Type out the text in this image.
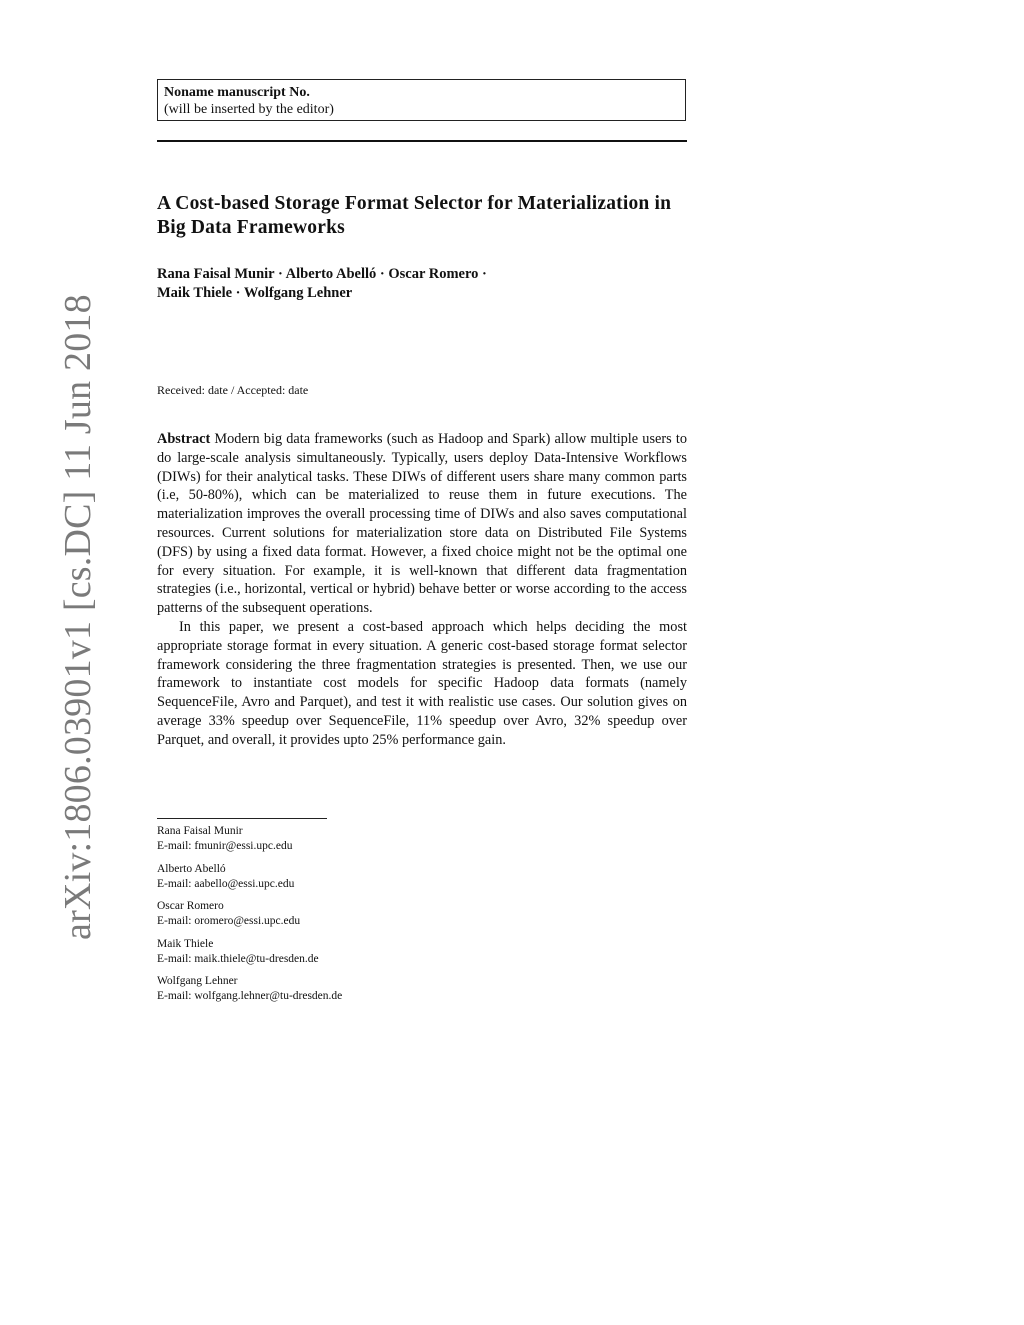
arXiv:1806.03901v1 [cs.DC] 11 Jun 2018
Noname manuscript No.
(will be inserted by the editor)
A Cost-based Storage Format Selector for Materialization in Big Data Frameworks
Rana Faisal Munir · Alberto Abelló · Oscar Romero · Maik Thiele · Wolfgang Lehner
Received: date / Accepted: date

Abstract Modern big data frameworks (such as Hadoop and Spark) allow multiple users to do large-scale analysis simultaneously. Typically, users deploy Data-Intensive Workflows (DIWs) for their analytical tasks. These DIWs of different users share many common parts (i.e, 50-80%), which can be materialized to reuse them in future executions. The materialization improves the overall processing time of DIWs and also saves computational resources. Current solutions for materialization store data on Distributed File Systems (DFS) by using a fixed data format. However, a fixed choice might not be the optimal one for every situation. For example, it is well-known that different data fragmentation strategies (i.e., horizontal, vertical or hybrid) behave better or worse according to the access patterns of the subsequent operations.

In this paper, we present a cost-based approach which helps deciding the most appropriate storage format in every situation. A generic cost-based storage format selector framework considering the three fragmentation strategies is presented. Then, we use our framework to instantiate cost models for specific Hadoop data formats (namely SequenceFile, Avro and Parquet), and test it with realistic use cases. Our solution gives on average 33% speedup over SequenceFile, 11% speedup over Avro, 32% speedup over Parquet, and overall, it provides upto 25% performance gain.

Rana Faisal Munir
E-mail: fmunir@essi.upc.edu
Alberto Abelló
E-mail: aabello@essi.upc.edu
Oscar Romero
E-mail: oromero@essi.upc.edu
Maik Thiele
E-mail: maik.thiele@tu-dresden.de
Wolfgang Lehner
E-mail: wolfgang.lehner@tu-dresden.de
